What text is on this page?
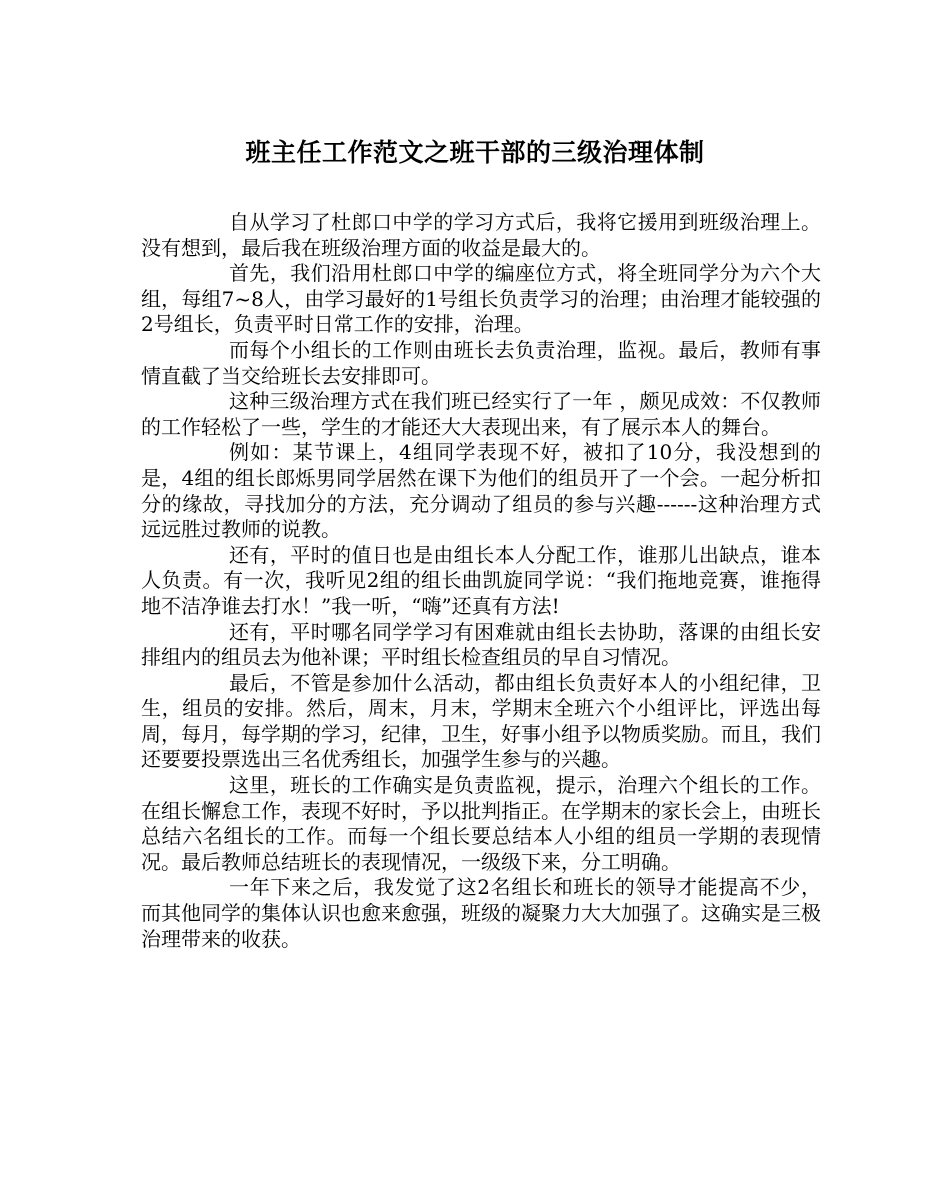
班主任工作范文之班干部的三级治理体制

自从学习了杜郎口中学的学习方式后，我将它援用到班级治理上。没有想到，最后我在班级治理方面的收益是最大的。

首先，我们沿用杜郎口中学的编座位方式，将全班同学分为六个大组，每组7~8人，由学习最好的1号组长负责学习的治理；由治理才能较强的2号组长，负责平时日常工作的安排，治理。

而每个小组长的工作则由班长去负责治理，监视。最后，教师有事情直截了当交给班长去安排即可。

这种三级治理方式在我们班已经实行了一年 ，颇见成效：不仅教师的工作轻松了一些，学生的才能还大大表现出来，有了展示本人的舞台。

例如：某节课上，4组同学表现不好，被扣了10分，我没想到的是，4组的组长郎烁男同学居然在课下为他们的组员开了一个会。一起分析扣分的缘故，寻找加分的方法，充分调动了组员的参与兴趣------这种治理方式远远胜过教师的说教。

还有，平时的值日也是由组长本人分配工作，谁那儿出缺点，谁本人负责。有一次，我听见2组的组长曲凯旋同学说：“我们拖地竞赛，谁拖得地不洁净谁去打水！”我一听，“嗨”还真有方法!

还有，平时哪名同学学习有困难就由组长去协助，落课的由组长安排组内的组员去为他补课；平时组长检查组员的早自习情况。

最后，不管是参加什么活动，都由组长负责好本人的小组纪律，卫生，组员的安排。然后，周末，月末，学期末全班六个小组评比，评选出每周，每月，每学期的学习，纪律，卫生，好事小组予以物质奖励。而且，我们还要要投票选出三名优秀组长，加强学生参与的兴趣。

这里，班长的工作确实是负责监视，提示，治理六个组长的工作。在组长懈怠工作，表现不好时，予以批判指正。在学期末的家长会上，由班长总结六名组长的工作。而每一个组长要总结本人小组的组员一学期的表现情况。最后教师总结班长的表现情况，一级级下来，分工明确。

一年下来之后，我发觉了这2名组长和班长的领导才能提高不少，而其他同学的集体认识也愈来愈强，班级的凝聚力大大加强了。这确实是三极治理带来的收获。
